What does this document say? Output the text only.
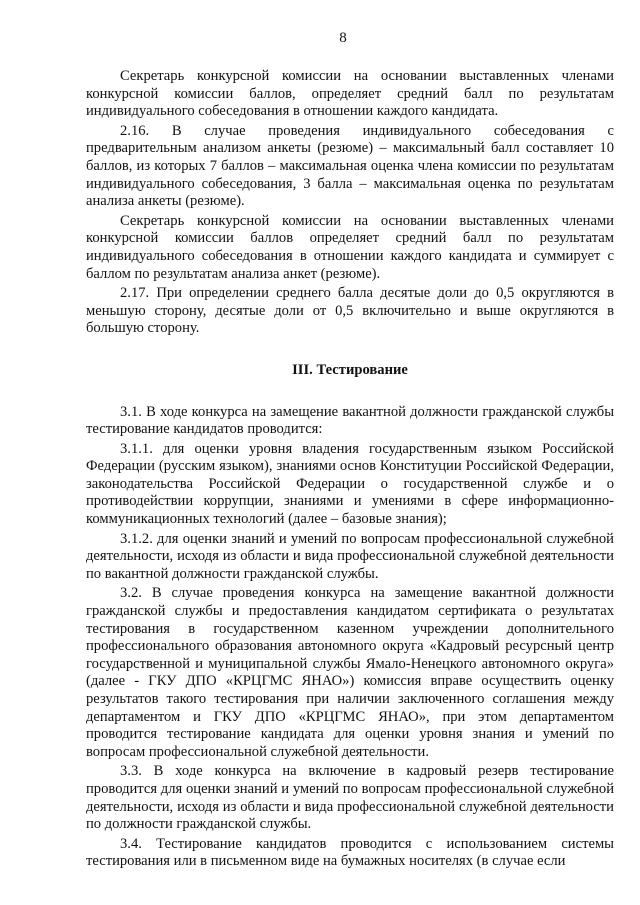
8

Секретарь конкурсной комиссии на основании выставленных членами конкурсной комиссии баллов, определяет средний балл по результатам индивидуального собеседования в отношении каждого кандидата.

2.16. В случае проведения индивидуального собеседования с предварительным анализом анкеты (резюме) – максимальный балл составляет 10 баллов, из которых 7 баллов – максимальная оценка члена комиссии по результатам индивидуального собеседования, 3 балла – максимальная оценка по результатам анализа анкеты (резюме).

Секретарь конкурсной комиссии на основании выставленных членами конкурсной комиссии баллов определяет средний балл по результатам индивидуального собеседования в отношении каждого кандидата и суммирует с баллом по результатам анализа анкет (резюме).

2.17. При определении среднего балла десятые доли до 0,5 округляются в меньшую сторону, десятые доли от 0,5 включительно и выше округляются в большую сторону.

III. Тестирование

3.1. В ходе конкурса на замещение вакантной должности гражданской службы тестирование кандидатов проводится:

3.1.1. для оценки уровня владения государственным языком Российской Федерации (русским языком), знаниями основ Конституции Российской Федерации, законодательства Российской Федерации о государственной службе и о противодействии коррупции, знаниями и умениями в сфере информационно-коммуникационных технологий (далее – базовые знания);

3.1.2. для оценки знаний и умений по вопросам профессиональной служебной деятельности, исходя из области и вида профессиональной служебной деятельности по вакантной должности гражданской службы.

3.2. В случае проведения конкурса на замещение вакантной должности гражданской службы и предоставления кандидатом сертификата о результатах тестирования в государственном казенном учреждении дополнительного профессионального образования автономного округа «Кадровый ресурсный центр государственной и муниципальной службы Ямало-Ненецкого автономного округа» (далее - ГКУ ДПО «КРЦГМС ЯНАО») комиссия вправе осуществить оценку результатов такого тестирования при наличии заключенного соглашения между департаментом и ГКУ ДПО «КРЦГМС ЯНАО», при этом департаментом проводится тестирование кандидата для оценки уровня знания и умений по вопросам профессиональной служебной деятельности.

3.3. В ходе конкурса на включение в кадровый резерв тестирование проводится для оценки знаний и умений по вопросам профессиональной служебной деятельности, исходя из области и вида профессиональной служебной деятельности по должности гражданской службы.

3.4. Тестирование кандидатов проводится с использованием системы тестирования или в письменном виде на бумажных носителях (в случае если
